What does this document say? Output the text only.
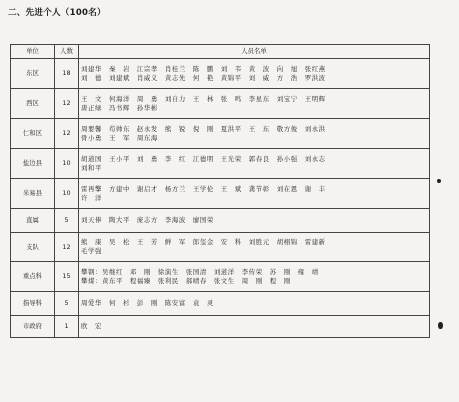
二、先进个人（100名）
单位	人数	人员名单
东区	18	刘建华　秦　岩　江宗孝　肖桂兰　陈　鹏　刘　韦　黄　波　向　旭　张红燕
刘　德　刘建斌　肖威义　黄志先　何　艳　黄锦平　刘　威　方　浩　罗洪波

西区	12	王　文　何海洋　周　勇　刘自力　王　林　张　鸣　李星东　刘宝宁　王明辉
唐正绿　冯书辉　孙华彬

仁和区	12	周要馨　苟帅东　赵永发　熊　锐　倪　刚　夏洪平　王　东　敬方俊　刘永洪
骨小勇　王　军　周东海

盐边县	10	胡道国　王小平　刘　勇　李　红　江德明　王光荣　郭春良　孙小强　刘永志
刘和平

米易县	10	雷再擎　方建中　谢启才　杨方兰　王学伦　王　斌　龚节彰　刘在恩　谢　丰
许　洋

直属	5	刘天俸　陶大平　庞志方　李海波　廖国荣

支队	12	熊　康　吴　松　王　芳　鲜　军　郎玺金　安　科　刘胜元　胡栩锦　雷建新
毛学强

重点科	15	攀钢：吴继红　邓　刚　徐演生　张国清　刘道洋　李传荣　苏　刚　雍　靖
攀煤：黄东平　程福臻　张利民　郝晴春　张文生　周　刚　程　刚

指导科	5	周爱华　何　杉　彭　刚　陈安富　袁　灵

市政府	1	欧　宏
